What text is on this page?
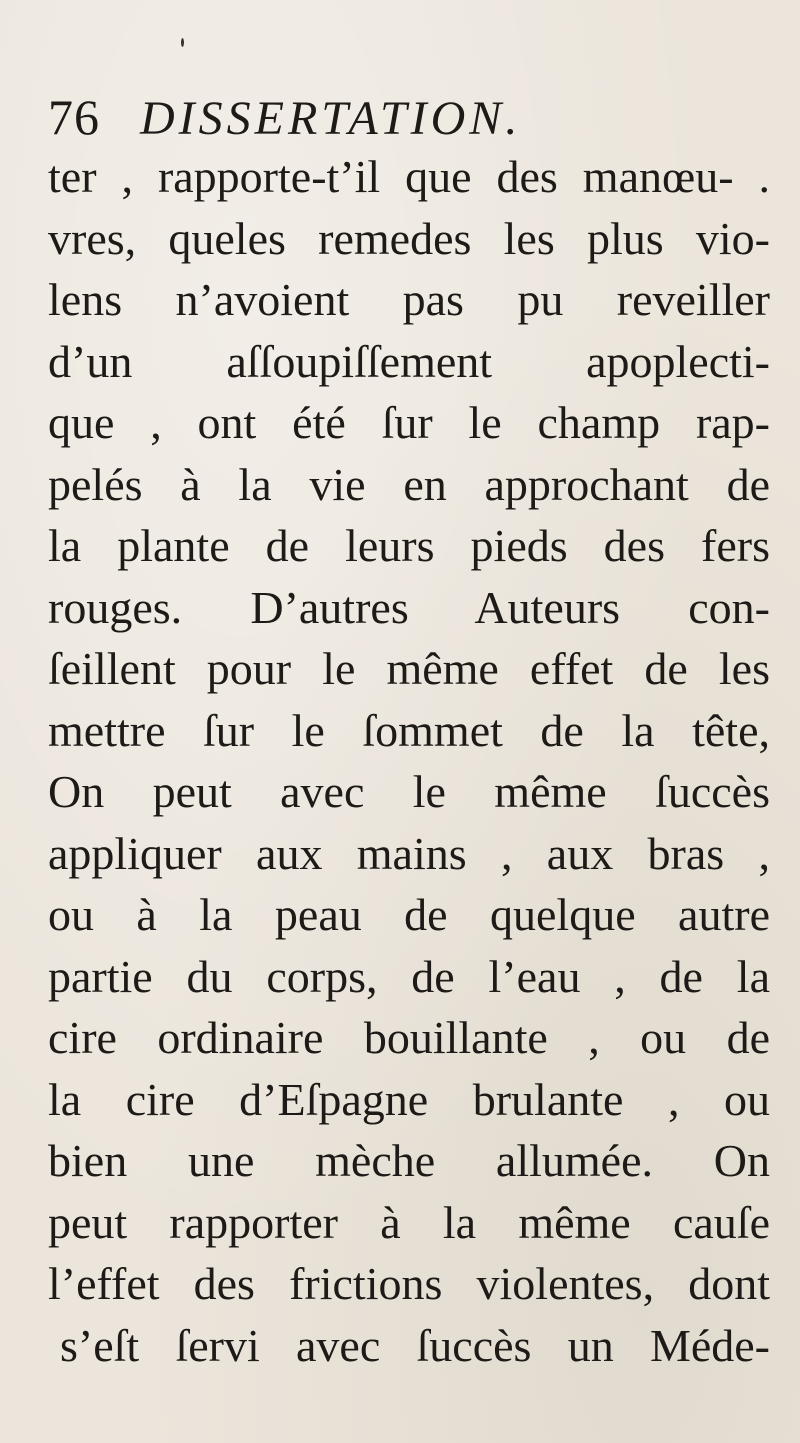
76 DISSERTATION.
ter , rapporte-t’il que des manœu- .
vres, queles remedes les plus vio-
lens n’avoient pas pu reveiller
d’un aſſoupiſſement apoplecti-
que , ont été ſur le champ rap-
pelés à la vie en approchant de
la plante de leurs pieds des fers
rouges. D’autres Auteurs con-
ſeillent pour le même effet de les
mettre ſur le ſommet de la tête,
On peut avec le même ſuccès
appliquer aux mains , aux bras ,
ou à la peau de quelque autre
partie du corps, de l’eau , de la
cire ordinaire bouillante , ou de
la cire d’Eſpagne brulante , ou
bien une mèche allumée. On
peut rapporter à la même cauſe
l’effet des frictions violentes, dont
s’eſt ſervi avec ſuccès un Méde-
